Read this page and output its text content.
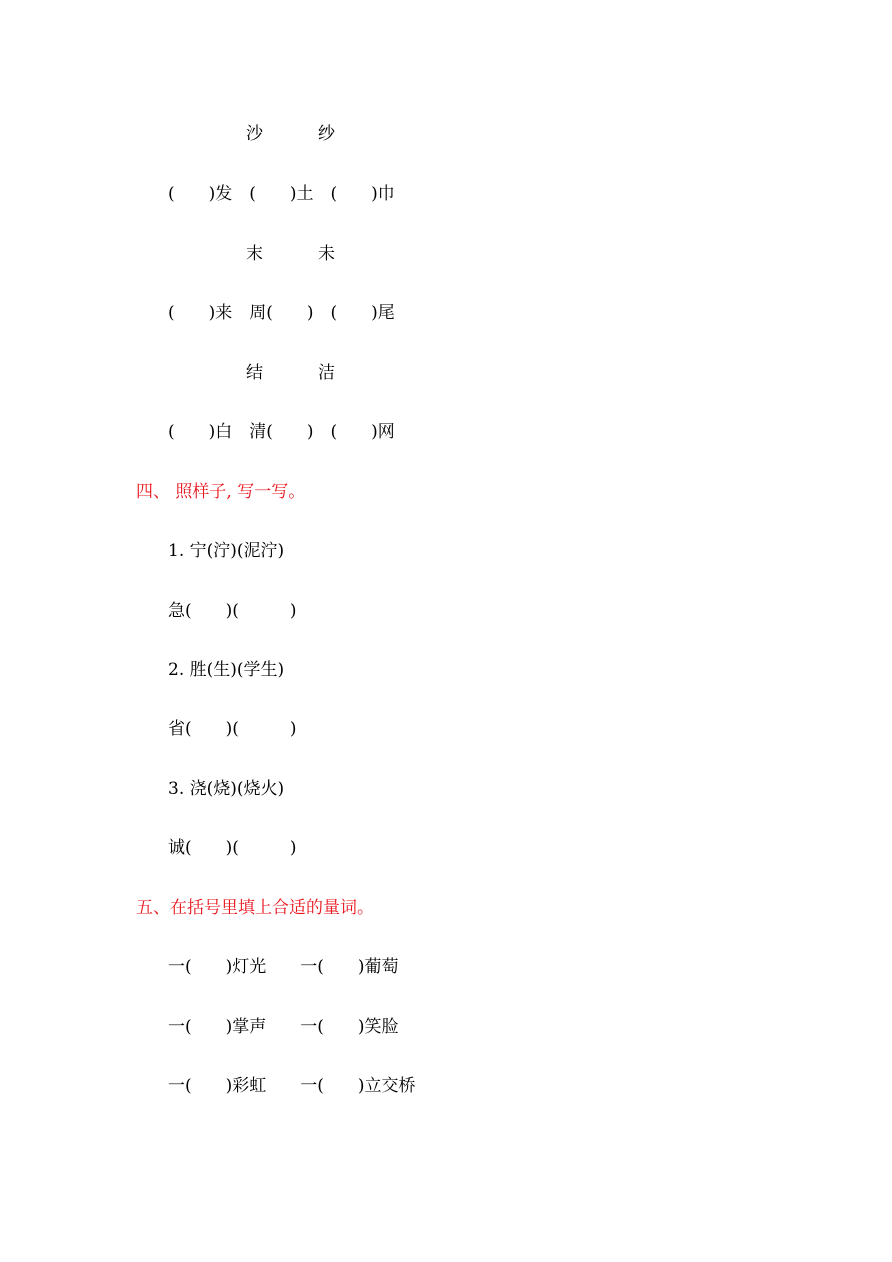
沙

	纱

(　　)发　(　　)土　(　　)巾

末

	未

(　　)来　周(　　)　(　　)尾

结

	洁

(　　)白　清(　　)　(　　)网
四、 照样子, 写一写。
1. 宁(泞)(泥泞)
急(　　)(　　　)
2. 胜(生)(学生)
省(　　)(　　　)
3. 浇(烧)(烧火)
诚(　　)(　　　)
五、在括号里填上合适的量词。
一(　　)灯光　　一(　　)葡萄
一(　　)掌声　　一(　　)笑脸
一(　　)彩虹　　一(　　)立交桥
